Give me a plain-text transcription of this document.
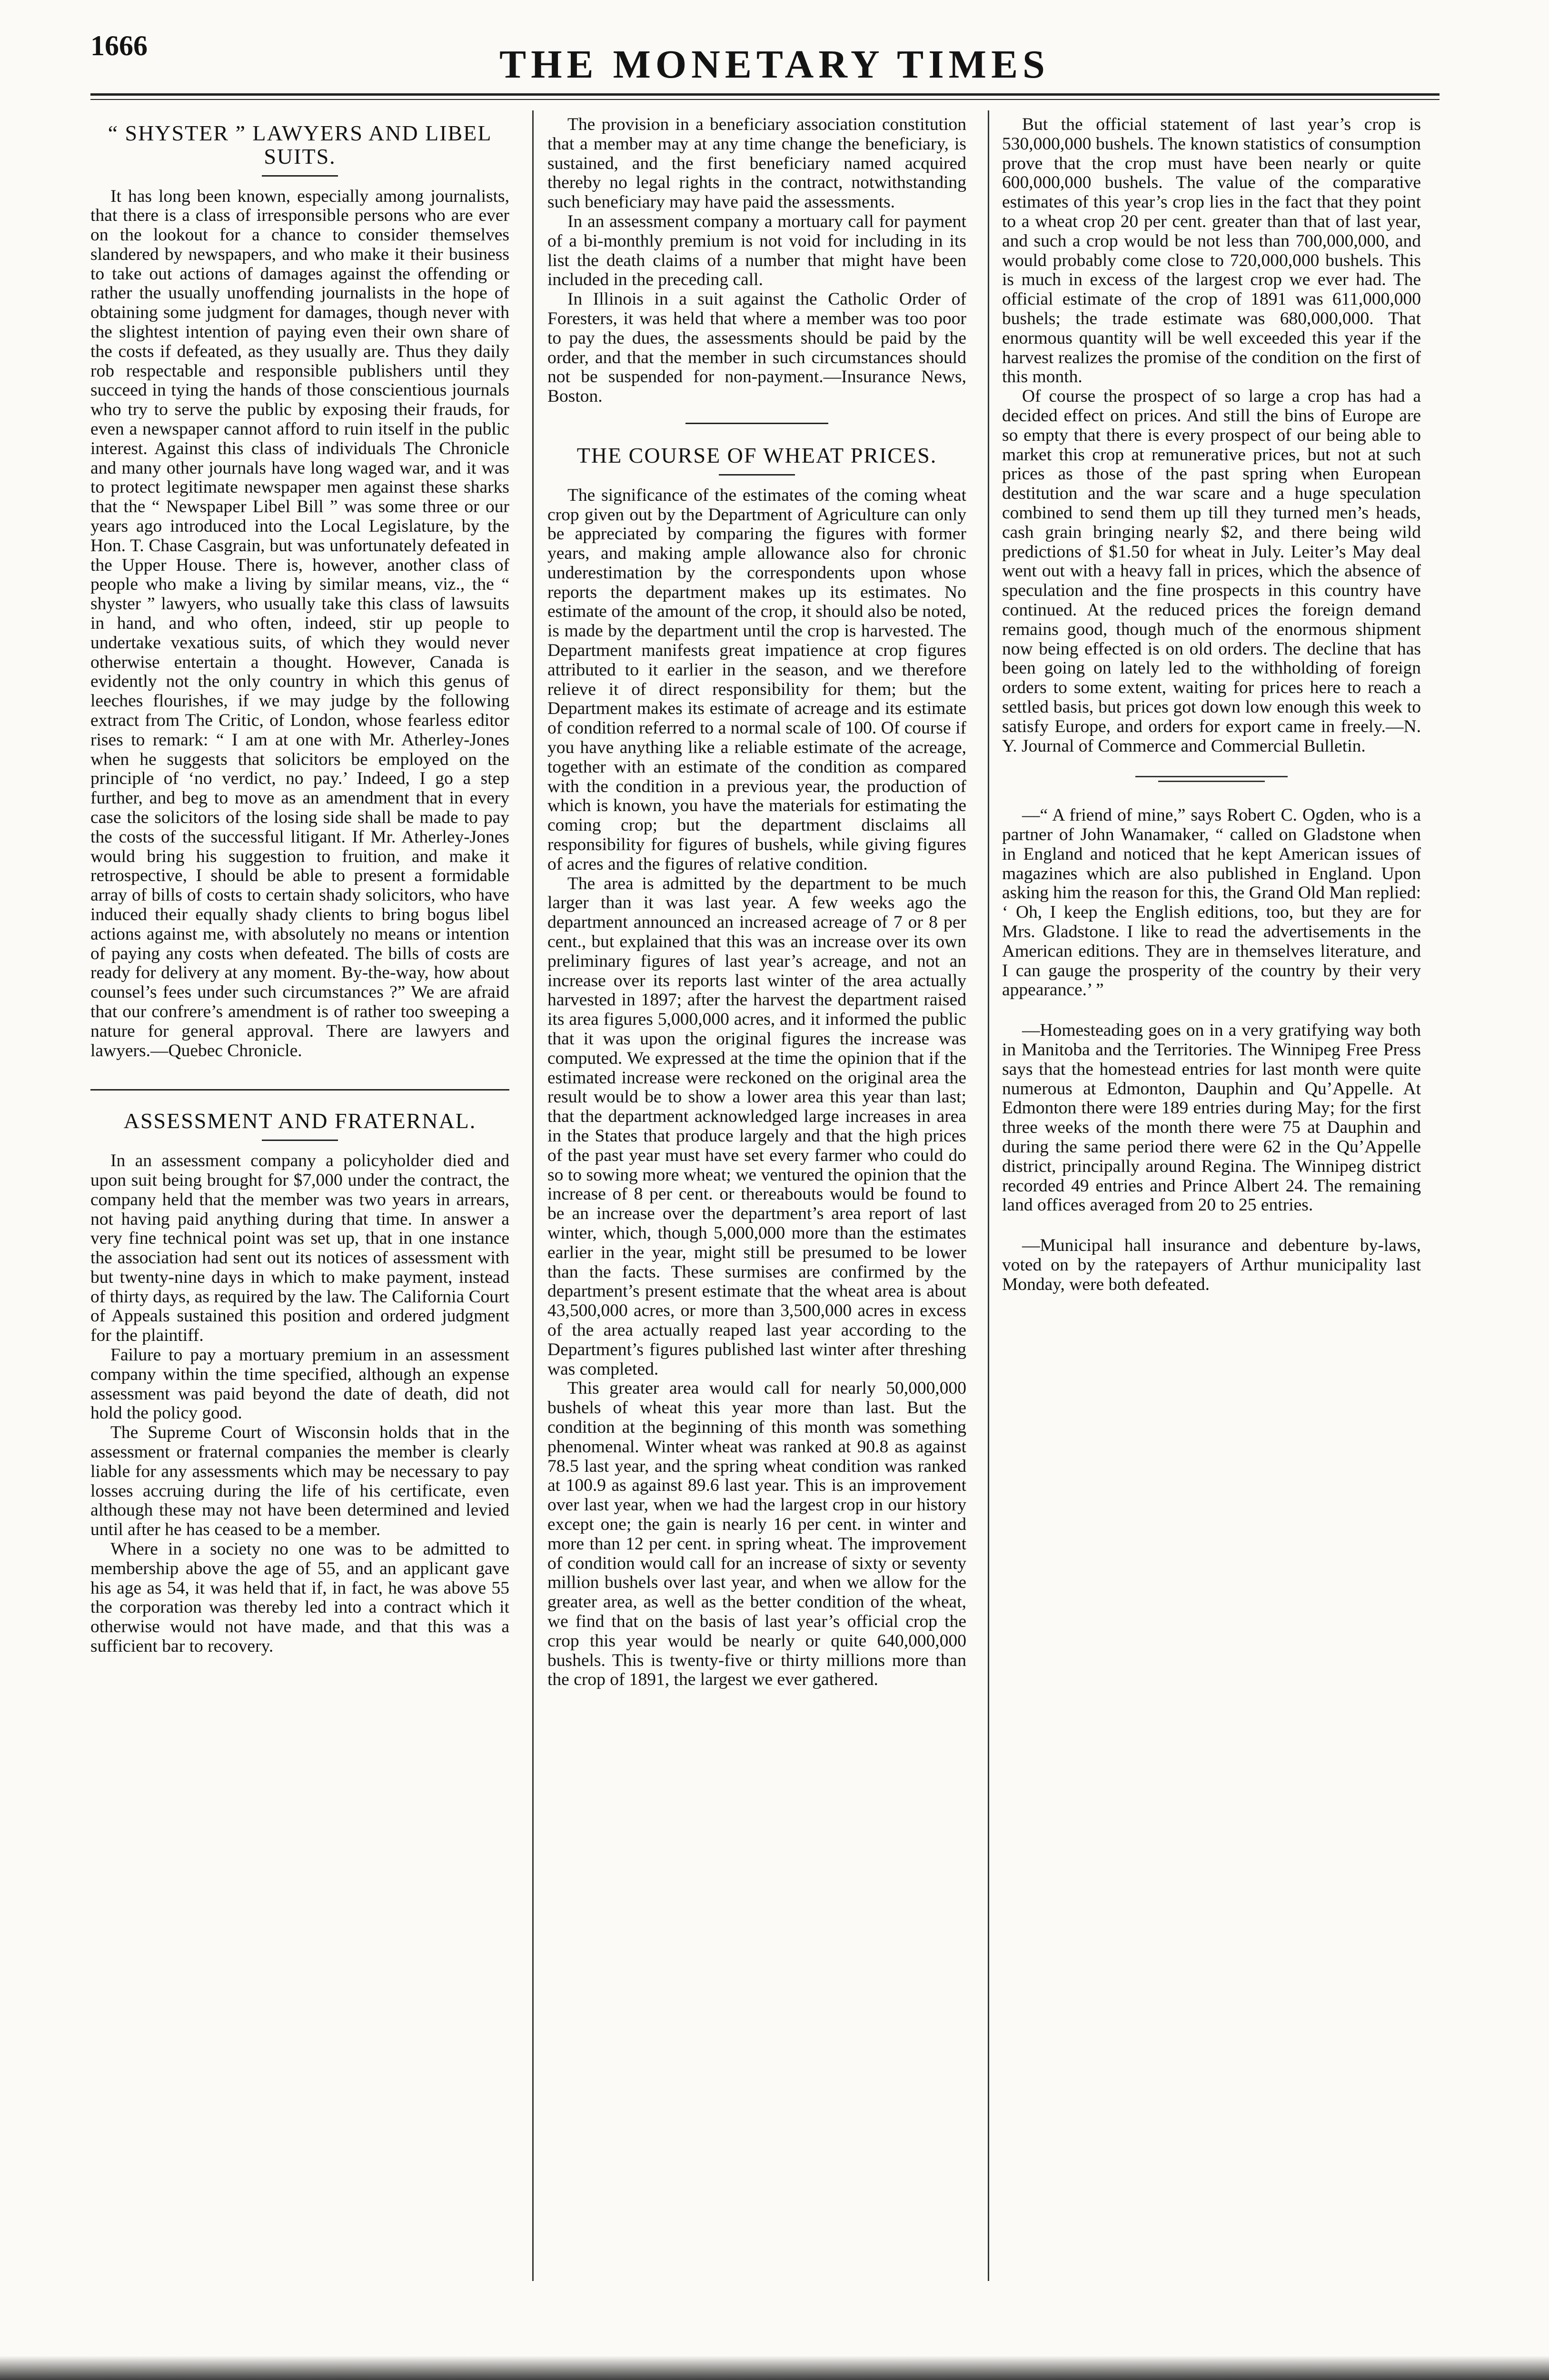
1666	THE MONETARY TIMES
“ SHYSTER ” LAWYERS AND LIBEL SUITS.

It has long been known, especially among journalists, that there is a class of irresponsible persons who are ever on the lookout for a chance to consider themselves slandered by newspapers, and who make it their business to take out actions of damages against the offending or rather the usually unoffending journalists in the hope of obtaining some judgment for damages, though never with the slightest intention of paying even their own share of the costs if defeated, as they usually are. Thus they daily rob respectable and responsible publishers until they succeed in tying the hands of those conscientious journals who try to serve the public by exposing their frauds, for even a newspaper cannot afford to ruin itself in the public interest. Against this class of individuals The Chronicle and many other journals have long waged war, and it was to protect legitimate newspaper men against these sharks that the “ Newspaper Libel Bill ” was some three or our years ago introduced into the Local Legislature, by the Hon. T. Chase Casgrain, but was unfortunately defeated in the Upper House. There is, however, another class of people who make a living by similar means, viz., the “ shyster ” lawyers, who usually take this class of lawsuits in hand, and who often, indeed, stir up people to undertake vexatious suits, of which they would never otherwise entertain a thought. However, Canada is evidently not the only country in which this genus of leeches flourishes, if we may judge by the following extract from The Critic, of London, whose fearless editor rises to remark: “ I am at one with Mr. Atherley-Jones when he suggests that solicitors be employed on the principle of ‘no verdict, no pay.’ Indeed, I go a step further, and beg to move as an amendment that in every case the solicitors of the losing side shall be made to pay the costs of the successful litigant. If Mr. Atherley-Jones would bring his suggestion to fruition, and make it retrospective, I should be able to present a formidable array of bills of costs to certain shady solicitors, who have induced their equally shady clients to bring bogus libel actions against me, with absolutely no means or intention of paying any costs when defeated. The bills of costs are ready for delivery at any moment. By-the-way, how about counsel’s fees under such circumstances ?” We are afraid that our confrere’s amendment is of rather too sweeping a nature for general approval. There are lawyers and lawyers.—Quebec Chronicle.

ASSESSMENT AND FRATERNAL.

In an assessment company a policyholder died and upon suit being brought for $7,000 under the contract, the company held that the member was two years in arrears, not having paid anything during that time. In answer a very fine technical point was set up, that in one instance the association had sent out its notices of assessment with but twenty-nine days in which to make payment, instead of thirty days, as required by the law. The California Court of Appeals sustained this position and ordered judgment for the plaintiff.

Failure to pay a mortuary premium in an assessment company within the time specified, although an expense assessment was paid beyond the date of death, did not hold the policy good.

The Supreme Court of Wisconsin holds that in the assessment or fraternal companies the member is clearly liable for any assessments which may be necessary to pay losses accruing during the life of his certificate, even although these may not have been determined and levied until after he has ceased to be a member.

Where in a society no one was to be admitted to membership above the age of 55, and an applicant gave his age as 54, it was held that if, in fact, he was above 55 the corporation was thereby led into a contract which it otherwise would not have made, and that this was a sufficient bar to recovery.

The provision in a beneficiary association constitution that a member may at any time change the beneficiary, is sustained, and the first beneficiary named acquired thereby no legal rights in the contract, notwithstanding such beneficiary may have paid the assessments.

In an assessment company a mortuary call for payment of a bi-monthly premium is not void for including in its list the death claims of a number that might have been included in the preceding call.

In Illinois in a suit against the Catholic Order of Foresters, it was held that where a member was too poor to pay the dues, the assessments should be paid by the order, and that the member in such circumstances should not be suspended for non-payment.—Insurance News, Boston.

THE COURSE OF WHEAT PRICES.

The significance of the estimates of the coming wheat crop given out by the Department of Agriculture can only be appreciated by comparing the figures with former years, and making ample allowance also for chronic underestimation by the correspondents upon whose reports the department makes up its estimates. No estimate of the amount of the crop, it should also be noted, is made by the department until the crop is harvested. The Department manifests great impatience at crop figures attributed to it earlier in the season, and we therefore relieve it of direct responsibility for them; but the Department makes its estimate of acreage and its estimate of condition referred to a normal scale of 100. Of course if you have anything like a reliable estimate of the acreage, together with an estimate of the condition as compared with the condition in a previous year, the production of which is known, you have the materials for estimating the coming crop; but the department disclaims all responsibility for figures of bushels, while giving figures of acres and the figures of relative condition.

The area is admitted by the department to be much larger than it was last year. A few weeks ago the department announced an increased acreage of 7 or 8 per cent., but explained that this was an increase over its own preliminary figures of last year’s acreage, and not an increase over its reports last winter of the area actually harvested in 1897; after the harvest the department raised its area figures 5,000,000 acres, and it informed the public that it was upon the original figures the increase was computed. We expressed at the time the opinion that if the estimated increase were reckoned on the original area the result would be to show a lower area this year than last; that the department acknowledged large increases in area in the States that produce largely and that the high prices of the past year must have set every farmer who could do so to sowing more wheat; we ventured the opinion that the increase of 8 per cent. or thereabouts would be found to be an increase over the department’s area report of last winter, which, though 5,000,000 more than the estimates earlier in the year, might still be presumed to be lower than the facts. These surmises are confirmed by the department’s present estimate that the wheat area is about 43,500,000 acres, or more than 3,500,000 acres in excess of the area actually reaped last year according to the Department’s figures published last winter after threshing was completed.

This greater area would call for nearly 50,000,000 bushels of wheat this year more than last. But the condition at the beginning of this month was something phenomenal. Winter wheat was ranked at 90.8 as against 78.5 last year, and the spring wheat condition was ranked at 100.9 as against 89.6 last year. This is an improvement over last year, when we had the largest crop in our history except one; the gain is nearly 16 per cent. in winter and more than 12 per cent. in spring wheat. The improvement of condition would call for an increase of sixty or seventy million bushels over last year, and when we allow for the greater area, as well as the better condition of the wheat, we find that on the basis of last year’s official crop the crop this year would be nearly or quite 640,000,000 bushels. This is twenty-five or thirty millions more than the crop of 1891, the largest we ever gathered.

But the official statement of last year’s crop is 530,000,000 bushels. The known statistics of consumption prove that the crop must have been nearly or quite 600,000,000 bushels. The value of the comparative estimates of this year’s crop lies in the fact that they point to a wheat crop 20 per cent. greater than that of last year, and such a crop would be not less than 700,000,000, and would probably come close to 720,000,000 bushels. This is much in excess of the largest crop we ever had. The official estimate of the crop of 1891 was 611,000,000 bushels; the trade estimate was 680,000,000. That enormous quantity will be well exceeded this year if the harvest realizes the promise of the condition on the first of this month.

Of course the prospect of so large a crop has had a decided effect on prices. And still the bins of Europe are so empty that there is every prospect of our being able to market this crop at remunerative prices, but not at such prices as those of the past spring when European destitution and the war scare and a huge speculation combined to send them up till they turned men’s heads, cash grain bringing nearly $2, and there being wild predictions of $1.50 for wheat in July. Leiter’s May deal went out with a heavy fall in prices, which the absence of speculation and the fine prospects in this country have continued. At the reduced prices the foreign demand remains good, though much of the enormous shipment now being effected is on old orders. The decline that has been going on lately led to the withholding of foreign orders to some extent, waiting for prices here to reach a settled basis, but prices got down low enough this week to satisfy Europe, and orders for export came in freely.—N. Y. Journal of Commerce and Commercial Bulletin.

—“ A friend of mine,” says Robert C. Ogden, who is a partner of John Wanamaker, “ called on Gladstone when in England and noticed that he kept American issues of magazines which are also published in England. Upon asking him the reason for this, the Grand Old Man replied: ‘ Oh, I keep the English editions, too, but they are for Mrs. Gladstone. I like to read the advertisements in the American editions. They are in themselves literature, and I can gauge the prosperity of the country by their very appearance.’ ”

—Homesteading goes on in a very gratifying way both in Manitoba and the Territories. The Winnipeg Free Press says that the homestead entries for last month were quite numerous at Edmonton, Dauphin and Qu’Appelle. At Edmonton there were 189 entries during May; for the first three weeks of the month there were 75 at Dauphin and during the same period there were 62 in the Qu’Appelle district, principally around Regina. The Winnipeg district recorded 49 entries and Prince Albert 24. The remaining land offices averaged from 20 to 25 entries.

—Municipal hall insurance and debenture by-laws, voted on by the ratepayers of Arthur municipality last Monday, were both defeated.
